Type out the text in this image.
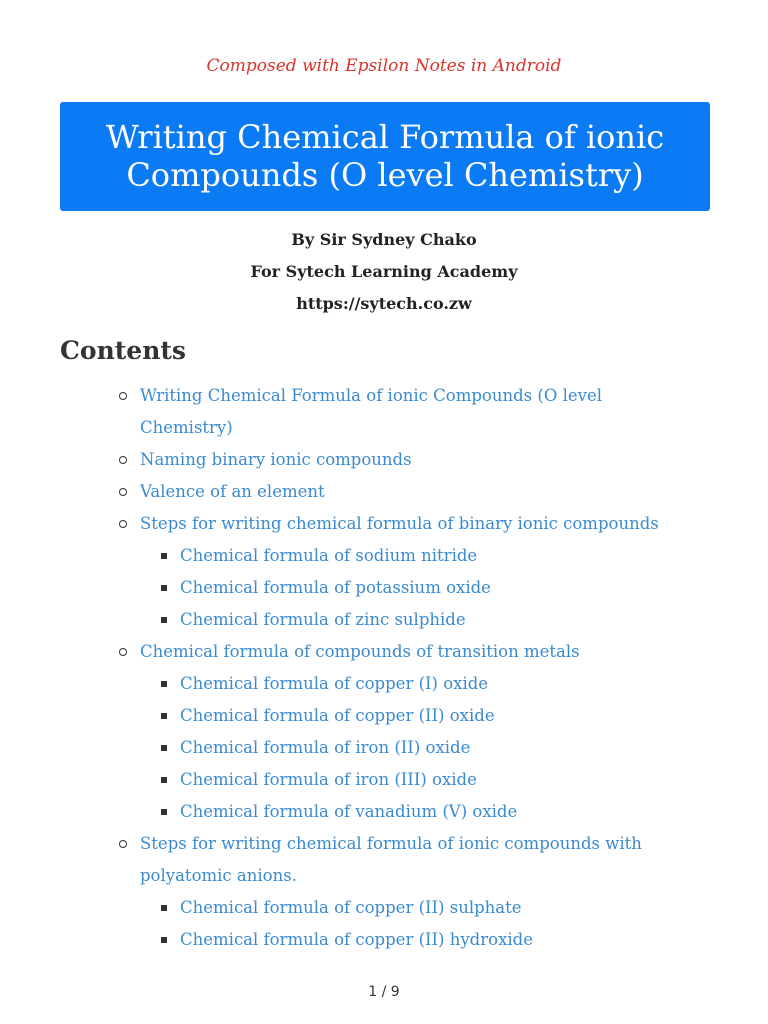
Composed with Epsilon Notes in Android
Writing Chemical Formula of ionic
Compounds (O level Chemistry)
By Sir Sydney Chako
For Sytech Learning Academy
https://sytech.co.zw
Contents
Writing Chemical Formula of ionic Compounds (O level
Chemistry)
Naming binary ionic compounds
Valence of an element
Steps for writing chemical formula of binary ionic compounds
Chemical formula of sodium nitride
Chemical formula of potassium oxide
Chemical formula of zinc sulphide
Chemical formula of compounds of transition metals
Chemical formula of copper (I) oxide
Chemical formula of copper (II) oxide
Chemical formula of iron (II) oxide
Chemical formula of iron (III) oxide
Chemical formula of vanadium (V) oxide
Steps for writing chemical formula of ionic compounds with
polyatomic anions.
Chemical formula of copper (II) sulphate
Chemical formula of copper (II) hydroxide
1 / 9
